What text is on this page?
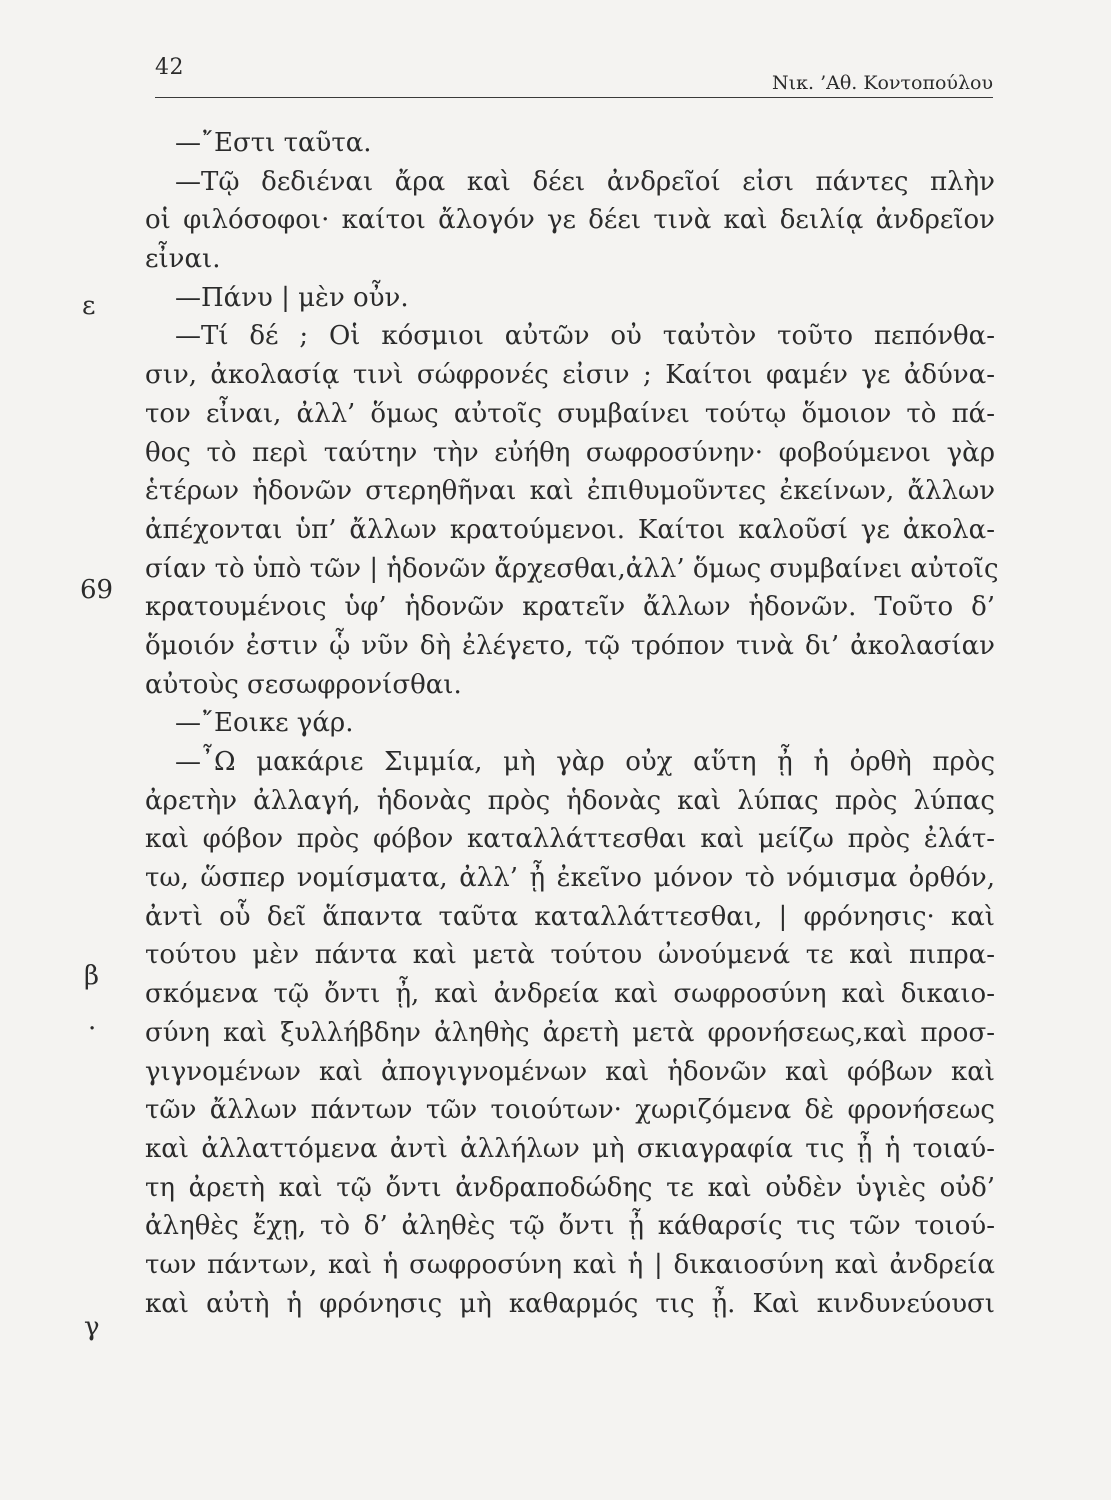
42
Νικ. ’Αθ. Κοντοπούλου
ε
69
β
·
γ
—῎Εστι ταῦτα.
—Τῷ δεδιέναι ἄρα καὶ δέει ἀνδρεῖοί εἰσι πάντες πλὴν
οἱ φιλόσοφοι· καίτοι ἄλογόν γε δέει τινὰ καὶ δειλίᾳ ἀνδρεῖον
εἶναι.
—Πάνυ | μὲν οὖν.
—Τί δέ ; Οἱ κόσμιοι αὐτῶν οὐ ταὐτὸν τοῦτο πεπόνθα-
σιν, ἀκολασίᾳ τινὶ σώφρονές εἰσιν ; Καίτοι φαμέν γε ἀδύνα-
τον εἶναι, ἀλλ’ ὅμως αὐτοῖς συμβαίνει τούτῳ ὅμοιον τὸ πά-
θος τὸ περὶ ταύτην τὴν εὐήθη σωφροσύνην· φοβούμενοι γὰρ
ἑτέρων ἡδονῶν στερηθῆναι καὶ ἐπιθυμοῦντες ἐκείνων, ἄλλων
ἀπέχονται ὑπ’ ἄλλων κρατούμενοι. Καίτοι καλοῦσί γε ἀκολα-
σίαν τὸ ὑπὸ τῶν | ἡδονῶν ἄρχεσθαι,ἀλλ’ ὅμως συμβαίνει αὐτοῖς
κρατουμένοις ὑφ’ ἡδονῶν κρατεῖν ἄλλων ἡδονῶν. Τοῦτο δ’
ὅμοιόν ἐστιν ᾧ νῦν δὴ ἐλέγετο, τῷ τρόπον τινὰ δι’ ἀκολασίαν
αὐτοὺς σεσωφρονίσθαι.
—῎Εοικε γάρ.
—῏Ω μακάριε Σιμμία, μὴ γὰρ οὐχ αὕτη ᾖ ἡ ὀρθὴ πρὸς
ἀρετὴν ἀλλαγή, ἡδονὰς πρὸς ἡδονὰς καὶ λύπας πρὸς λύπας
καὶ φόβον πρὸς φόβον καταλλάττεσθαι καὶ μείζω πρὸς ἐλάτ-
τω, ὥσπερ νομίσματα, ἀλλ’ ᾖ ἐκεῖνο μόνον τὸ νόμισμα ὀρθόν,
ἀντὶ οὗ δεῖ ἅπαντα ταῦτα καταλλάττεσθαι, | φρόνησις· καὶ
τούτου μὲν πάντα καὶ μετὰ τούτου ὠνούμενά τε καὶ πιπρα-
σκόμενα τῷ ὄντι ᾖ, καὶ ἀνδρεία καὶ σωφροσύνη καὶ δικαιο-
σύνη καὶ ξυλλήβδην ἀληθὴς ἀρετὴ μετὰ φρονήσεως,καὶ προσ-
γιγνομένων καὶ ἀπογιγνομένων καὶ ἡδονῶν καὶ φόβων καὶ
τῶν ἄλλων πάντων τῶν τοιούτων· χωριζόμενα δὲ φρονήσεως
καὶ ἀλλαττόμενα ἀντὶ ἀλλήλων μὴ σκιαγραφία τις ᾖ ἡ τοιαύ-
τη ἀρετὴ καὶ τῷ ὄντι ἀνδραποδώδης τε καὶ οὐδὲν ὑγιὲς οὐδ’
ἀληθὲς ἔχῃ, τὸ δ’ ἀληθὲς τῷ ὄντι ᾖ κάθαρσίς τις τῶν τοιού-
των πάντων, καὶ ἡ σωφροσύνη καὶ ἡ | δικαιοσύνη καὶ ἀνδρεία
καὶ αὐτὴ ἡ φρόνησις μὴ καθαρμός τις ᾖ. Καὶ κινδυνεύουσι
